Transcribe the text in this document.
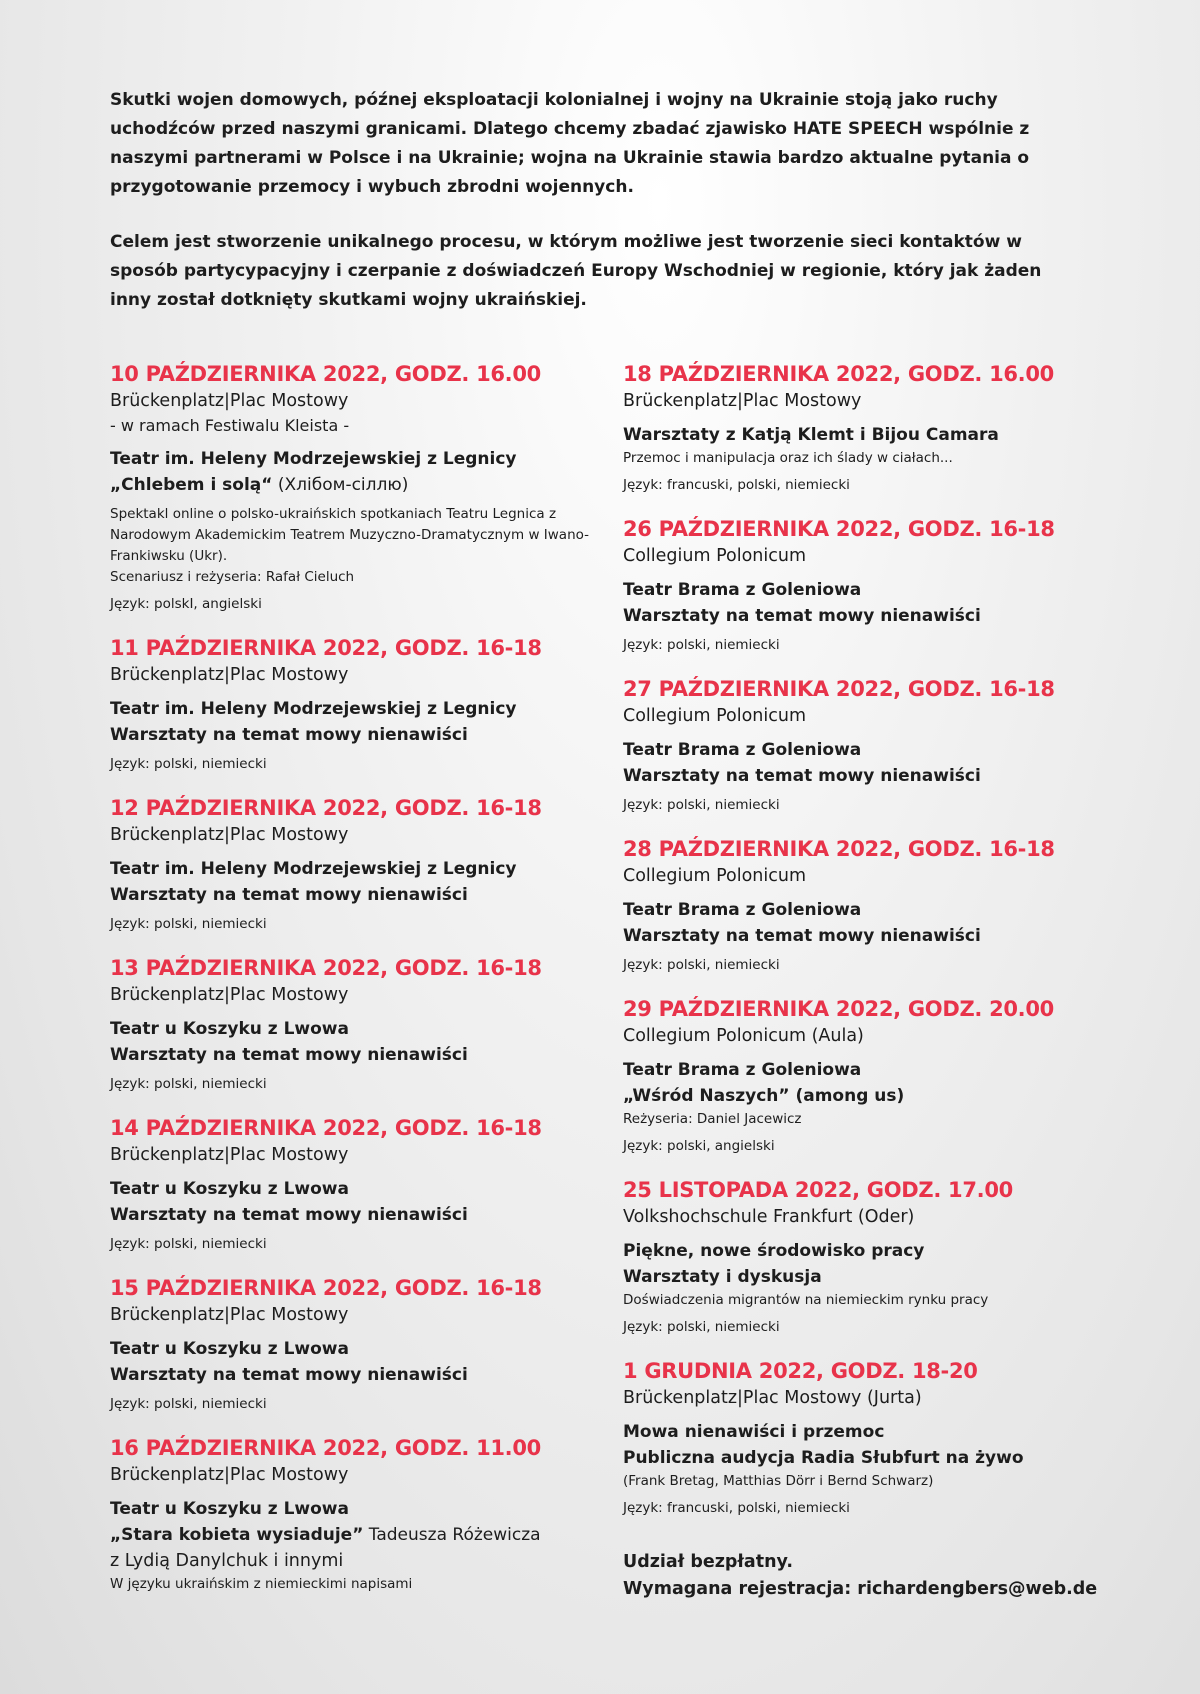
Skutki wojen domowych, późnej eksploatacji kolonialnej i wojny na Ukrainie stoją jako ruchy uchodźców przed naszymi granicami. Dlatego chcemy zbadać zjawisko HATE SPEECH wspólnie z naszymi partnerami w Polsce i na Ukrainie; wojna na Ukrainie stawia bardzo aktualne pytania o przygotowanie przemocy i wybuch zbrodni wojennych.

Celem jest stworzenie unikalnego procesu, w którym możliwe jest tworzenie sieci kontaktów w sposób partycypacyjny i czerpanie z doświadczeń Europy Wschodniej w regionie, który jak żaden inny został dotknięty skutkami wojny ukraińskiej.

10 PAŹDZIERNIKA 2022, GODZ. 16.00
Brückenplatz|Plac Mostowy
- w ramach Festiwalu Kleista -
Teatr im. Heleny Modrzejewskiej z Legnicy
„Chlebem i solą“ (Хлібом-сіллю)
Spektakl online o polsko-ukraińskich spotkaniach Teatru Legnica z Narodowym Akademickim Teatrem Muzyczno-Dramatycznym w Iwano-Frankiwsku (Ukr).
Scenariusz i reżyseria: Rafał Cieluch
Język: polskI, angielski
11 PAŹDZIERNIKA 2022, GODZ. 16-18
Brückenplatz|Plac Mostowy
Teatr im. Heleny Modrzejewskiej z Legnicy
Warsztaty na temat mowy nienawiści
Język: polski, niemiecki
12 PAŹDZIERNIKA 2022, GODZ. 16-18
Brückenplatz|Plac Mostowy
Teatr im. Heleny Modrzejewskiej z Legnicy
Warsztaty na temat mowy nienawiści
Język: polski, niemiecki
13 PAŹDZIERNIKA 2022, GODZ. 16-18
Brückenplatz|Plac Mostowy
Teatr u Koszyku z Lwowa
Warsztaty na temat mowy nienawiści
Język: polski, niemiecki
14 PAŹDZIERNIKA 2022, GODZ. 16-18
Brückenplatz|Plac Mostowy
Teatr u Koszyku z Lwowa
Warsztaty na temat mowy nienawiści
Język: polski, niemiecki
15 PAŹDZIERNIKA 2022, GODZ. 16-18
Brückenplatz|Plac Mostowy
Teatr u Koszyku z Lwowa
Warsztaty na temat mowy nienawiści
Język: polski, niemiecki
16 PAŹDZIERNIKA 2022, GODZ. 11.00
Brückenplatz|Plac Mostowy
Teatr u Koszyku z Lwowa
„Stara kobieta wysiaduje” Tadeusza Różewicza
z Lydią Danylchuk i innymi
W języku ukraińskim z niemieckimi napisami
18 PAŹDZIERNIKA 2022, GODZ. 16.00
Brückenplatz|Plac Mostowy
Warsztaty z Katją Klemt i Bijou Camara
Przemoc i manipulacja oraz ich ślady w ciałach...
Język: francuski, polski, niemiecki
26 PAŹDZIERNIKA 2022, GODZ. 16-18
Collegium Polonicum
Teatr Brama z Goleniowa
Warsztaty na temat mowy nienawiści
Język: polski, niemiecki
27 PAŹDZIERNIKA 2022, GODZ. 16-18
Collegium Polonicum
Teatr Brama z Goleniowa
Warsztaty na temat mowy nienawiści
Język: polski, niemiecki
28 PAŹDZIERNIKA 2022, GODZ. 16-18
Collegium Polonicum
Teatr Brama z Goleniowa
Warsztaty na temat mowy nienawiści
Język: polski, niemiecki
29 PAŹDZIERNIKA 2022, GODZ. 20.00
Collegium Polonicum (Aula)
Teatr Brama z Goleniowa
„Wśród Naszych” (among us)
Reżyseria: Daniel Jacewicz
Język: polski, angielski
25 LISTOPADA 2022, GODZ. 17.00
Volkshochschule Frankfurt (Oder)
Piękne, nowe środowisko pracy
Warsztaty i dyskusja
Doświadczenia migrantów na niemieckim rynku pracy
Język: polski, niemiecki
1 GRUDNIA 2022, GODZ. 18-20
Brückenplatz|Plac Mostowy (Jurta)
Mowa nienawiści i przemoc
Publiczna audycja Radia Słubfurt na żywo
(Frank Bretag, Matthias Dörr i Bernd Schwarz)
Język: francuski, polski, niemiecki
Udział bezpłatny.
Wymagana rejestracja: richardengbers@web.de
